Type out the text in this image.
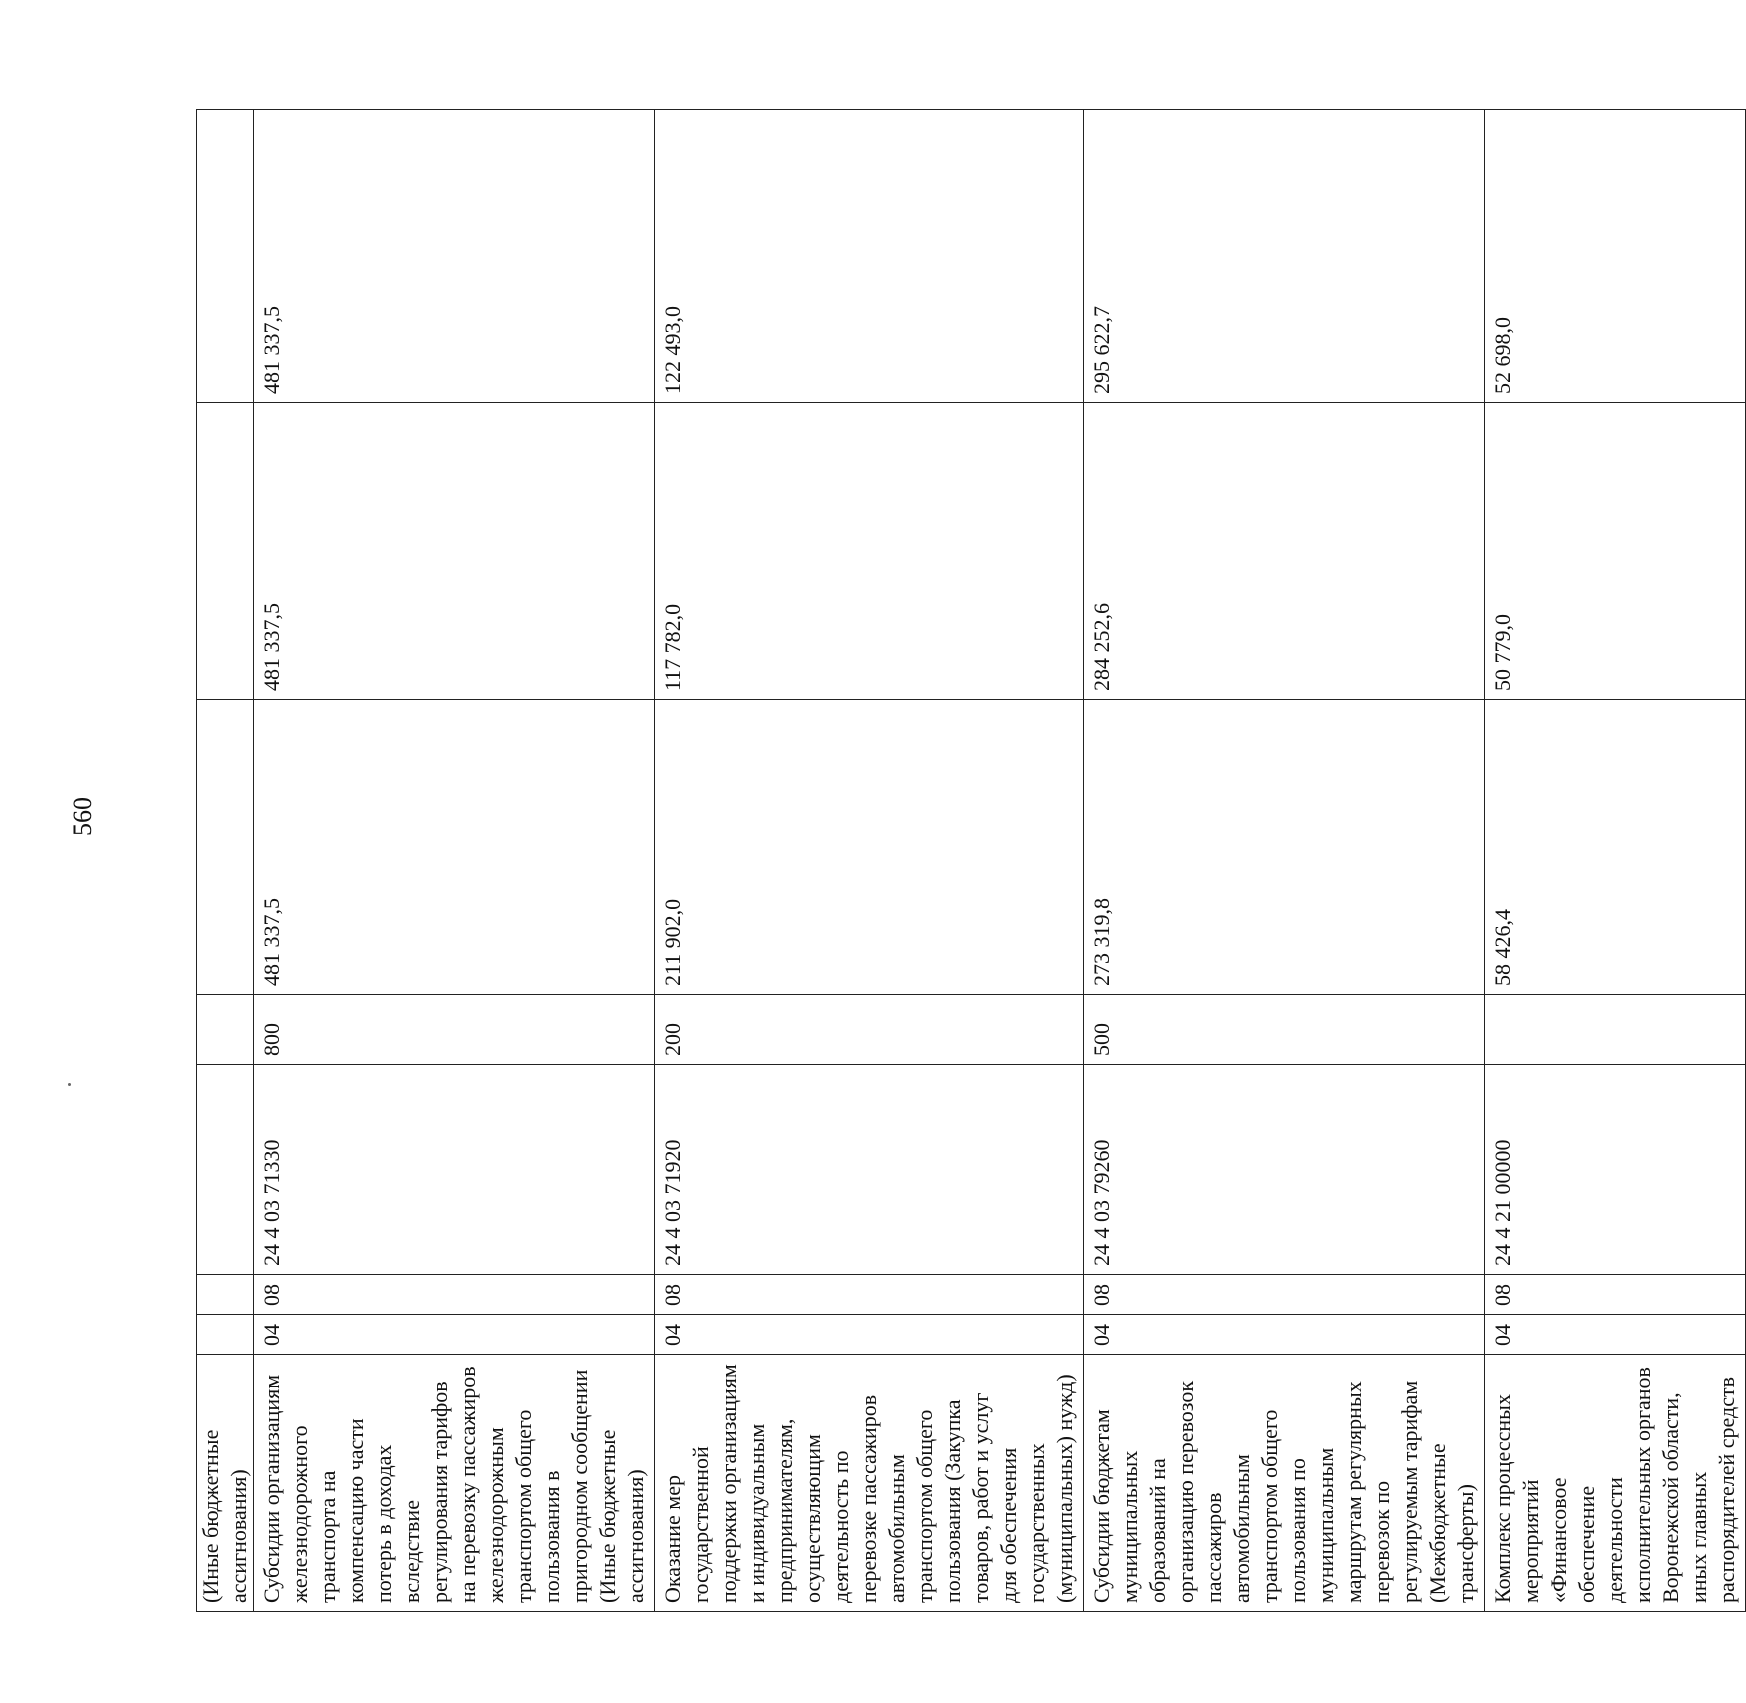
560
(Иные бюджетные ассигнования)							
Субсидии организациям железнодорожного транспорта на компенсацию части потерь в доходах вследствие регулирования тарифов на перевозку пассажиров железнодорожным транспортом общего пользования в пригородном сообщении (Иные бюджетные ассигнования)	04	08	24 4 03 71330	800	481 337,5	481 337,5	481 337,5
Оказание мер государственной поддержки организациям и индивидуальным предпринимателям, осуществляющим деятельность по перевозке пассажиров автомобильным транспортом общего пользования (Закупка товаров, работ и услуг для обеспечения государственных (муниципальных) нужд)	04	08	24 4 03 71920	200	211 902,0	117 782,0	122 493,0
Субсидии бюджетам муниципальных образований на организацию перевозок пассажиров автомобильным транспортом общего пользования по муниципальным маршрутам регулярных перевозок по регулируемым тарифам (Межбюджетные трансферты)	04	08	24 4 03 79260	500	273 319,8	284 252,6	295 622,7
Комплекс процессных мероприятий «Финансовое обеспечение деятельности исполнительных органов Воронежской области, иных главных распорядителей средств	04	08	24 4 21 00000		58 426,4	50 779,0	52 698,0
